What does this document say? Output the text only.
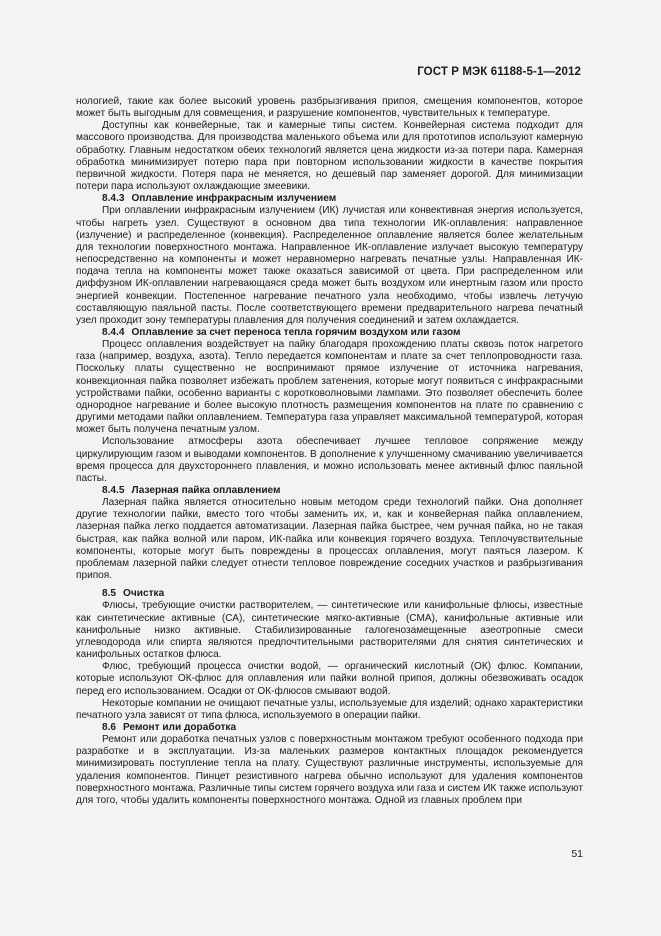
ГОСТ Р МЭК 61188-5-1—2012

нологией, такие как более высокий уровень разбрызгивания припоя, смещения компонентов, которое может быть выгодным для совмещения, и разрушение компонентов, чувствительных к температуре.

Доступны как конвейерные, так и камерные типы систем. Конвейерная система подходит для массового производства. Для производства маленького объема или для прототипов используют камерную обработку. Главным недостатком обеих технологий является цена жидкости из-за потери пара. Камерная обработка минимизирует потерю пара при повторном использовании жидкости в качестве покрытия первичной жидкости. Потеря пара не меняется, но дешевый пар заменяет дорогой. Для минимизации потери пара используют охлаждающие змеевики.

8.4.3 Оплавление инфракрасным излучением

При оплавлении инфракрасным излучением (ИК) лучистая или конвективная энергия используется, чтобы нагреть узел. Существуют в основном два типа технологии ИК-оплавления: направленное (излучение) и распределенное (конвекция). Распределенное оплавление является более желательным для технологии поверхностного монтажа. Направленное ИК-оплавление излучает высокую температуру непосредственно на компоненты и может неравномерно нагревать печатные узлы. Направленная ИК-подача тепла на компоненты может также оказаться зависимой от цвета. При распределенном или диффузном ИК-оплавлении нагревающаяся среда может быть воздухом или инертным газом или просто энергией конвекции. Постепенное нагревание печатного узла необходимо, чтобы извлечь летучую составляющую паяльной пасты. После соответствующего времени предварительного нагрева печатный узел проходит зону температуры плавления для получения соединений и затем охлаждается.

8.4.4 Оплавление за счет переноса тепла горячим воздухом или газом

Процесс оплавления воздействует на пайку благодаря прохождению платы сквозь поток нагретого газа (например, воздуха, азота). Тепло передается компонентам и плате за счет теплопроводности газа. Поскольку платы существенно не воспринимают прямое излучение от источника нагревания, конвекционная пайка позволяет избежать проблем затенения, которые могут появиться с инфракрасными устройствами пайки, особенно варианты с коротковолновыми лампами. Это позволяет обеспечить более однородное нагревание и более высокую плотность размещения компонентов на плате по сравнению с другими методами пайки оплавлением. Температура газа управляет максимальной температурой, которая может быть получена печатным узлом.

Использование атмосферы азота обеспечивает лучшее тепловое сопряжение между циркулирующим газом и выводами компонентов. В дополнение к улучшенному смачиванию увеличивается время процесса для двухстороннего плавления, и можно использовать менее активный флюс паяльной пасты.

8.4.5 Лазерная пайка оплавлением

Лазерная пайка является относительно новым методом среди технологий пайки. Она дополняет другие технологии пайки, вместо того чтобы заменить их, и, как и конвейерная пайка оплавлением, лазерная пайка легко поддается автоматизации. Лазерная пайка быстрее, чем ручная пайка, но не такая быстрая, как пайка волной или паром, ИК-пайка или конвекция горячего воздуха. Теплочувствительные компоненты, которые могут быть повреждены в процессах оплавления, могут паяться лазером. К проблемам лазерной пайки следует отнести тепловое повреждение соседних участков и разбрызгивания припоя.

8.5 Очистка

Флюсы, требующие очистки растворителем, — синтетические или канифольные флюсы, известные как синтетические активные (СА), синтетические мягко-активные (СМА), канифольные активные или канифольные низко активные. Стабилизированные галогенозамещенные азеотропные смеси углеводорода или спирта являются предпочтительными растворителями для снятия синтетических и канифольных остатков флюса.

Флюс, требующий процесса очистки водой, — органический кислотный (ОК) флюс. Компании, которые используют ОК-флюс для оплавления или пайки волной припоя, должны обезвоживать осадок перед его использованием. Осадки от ОК-флюсов смывают водой.

Некоторые компании не очищают печатные узлы, используемые для изделий; однако характеристики печатного узла зависят от типа флюса, используемого в операции пайки.

8.6 Ремонт или доработка

Ремонт или доработка печатных узлов с поверхностным монтажом требуют особенного подхода при разработке и в эксплуатации. Из-за маленьких размеров контактных площадок рекомендуется минимизировать поступление тепла на плату. Существуют различные инструменты, используемые для удаления компонентов. Пинцет резистивного нагрева обычно используют для удаления компонентов поверхностного монтажа. Различные типы систем горячего воздуха или газа и систем ИК также используют для того, чтобы удалить компоненты поверхностного монтажа. Одной из главных проблем при

51
